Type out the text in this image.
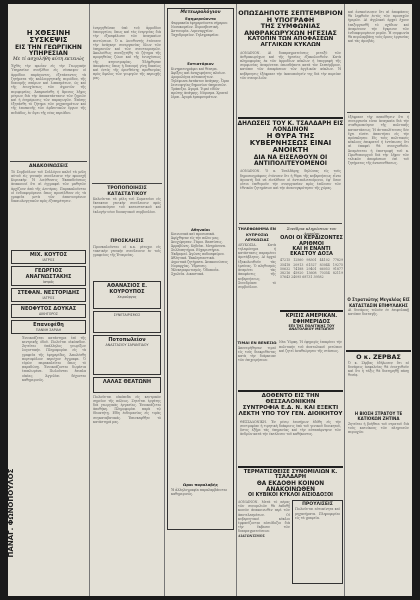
Η ΧΘΕΣΙΝΗ ΣΥΣΚΕΨΙΣ
ΕΙΣ ΤΗΝ ΓΕΩΡΓΙΚΗΝ ΥΠΗΡΕΣΙΑΝ
Με τί ασχολήθη αύτη εκτενώς
Ἐχθὲς τὴν πρωΐαν εἰς τὴν Γεωργικὴν Ὑπηρεσίαν συνῆλθον εἰς σύσκεψιν οἱ ἁρμόδιοι παράγοντες, ἐξετάσαντες τὰ ζητήματα τῆς καλλιεργητικῆς περιόδου, τῆς διανομῆς σπόρων καὶ λιπασμάτων, ὡς καὶ τῆς ἐνισχύσεως τῶν ἀγροτῶν τῆς περιφερείας. Ἀπεφασίσθη ἡ ἄμεσος λῆψις μέτρων διὰ τὴν ἀποκατάστασιν τῶν ζημιῶν καὶ ἡ ἐνημέρωσις τῶν παραγωγῶν. Ἐπίσης ἐξητάσθη τὸ ζήτημα τῶν μηχανημάτων καὶ τῆς ἐπισκευῆς τῶν ἀρδευτικῶν ἔργων τῆς πεδιάδος, ἐν ὄψει τῆς νέας περιόδου.
ΑΝΑΚΟΙΝΩΣΕΙΣ
Τὸ Συμβούλιον τοῦ Συλλόγου καλεῖ τὰ μέλη αὐτοῦ εἰς γενικὴν συνέλευσιν τὴν προσεχῆ Κυριακήν. Ἡ Διεύθυνσις Ἐκπαιδεύσεως ἀνακοινοῖ ὅτι αἱ ἐγγραφαὶ τῶν μαθητῶν ἀρχίζουν ἀπὸ τῆς Δευτέρας. Παρακαλοῦνται οἱ ἐνδιαφερόμενοι ὅπως προσέλθουν εἰς τὰ γραφεῖα μετὰ τῶν ἀπαιτουμένων δικαιολογητικῶν πρὸς ἐξυπηρέτησιν.
ΜΙΧ. ΚΟΥΤΟΣ
ΙΑΤΡΟΣ
ΓΕΩΡΓΙΟΣ ΑΝΑΓΝΩΣΤΑΚΗΣ
Ιατρός
ΣΤΕΦΑΝ. ΝΕΣΤΟΡΙΔΗΣ
ΙΑΤΡΟΣ
ΝΕΟΦΥΤΟΣ ΔΟΥΚΑΣ
ΔΙΚΗΓΟΡΟΣ
Επανεφέθη
ΓΙΑΝΝΗ ΣΑΡΙΔΗ
Ἐνοικιάζεται κατάστημα ἐπὶ τῆς κεντρικῆς ὁδοῦ. Πωλεῖται οἰκόπεδον. Ζητεῖται ὑπάλληλος γνωρίζων λογιστικήν. Πληροφορίαι εἰς τὰ γραφεῖα τῆς ἐφημερίδος. Ἀπωλέσθη πορτοφόλιον περιέχον ἔγγραφα. Ὁ εὑρὼν παρακαλεῖται ὅπως τὸ παραδώσῃ. Ἐνοικιάζονται δωμάτια ἐπιπλωμένα. Πωλοῦνται ἔπιπλα οἰκίας. Ἀγγελίαι δέχονται καθημερινῶς.
ΠΑΝΑΓ. ΦΩΝΟΠΟΥΛΟΣ
ἐνεργηθεῖσαν ὑπὸ τοῦ ἁρμοδίου ὑπουργείου, ὅπως καὶ τὰς ἐνεργείας διὰ τὴν ἐξασφάλισιν τῶν ἀναγκαίων πιστώσεων. Ὁ κ. Διευθυντὴς ἐτόνισεν τὴν ἀνάγκην συνεργασίας ὅλων τῶν ὑπηρεσιῶν καὶ τῶν συνεταιρισμῶν. Ἀκολούθως συνεζητήθη τὸ ζήτημα τῆς προμηθείας ζώων καὶ τῆς ἐνισχύσεως τῆς κτηνοτροφίας. Ἐλήφθησαν ἀποφάσεις ὅπως ἡ διανομὴ γίνῃ δικαίως καὶ ἐντὸς τῆς ὁρισθείσης προθεσμίας πρὸς ὄφελος τῶν γεωργῶν τῆς περιοχῆς μας.
ΤΡΟΠΟΠΟΙΗΣΙΣ ΚΑΤΑΣΤΑΤΙΚΟΥ
Καλοῦνται τὰ μέλη τοῦ Σωματείου εἰς ἔκτακτον γενικὴν συνέλευσιν πρὸς τροποποίησιν τοῦ καταστατικοῦ καὶ ἐκλογὴν νέου διοικητικοῦ συμβουλίου.
ΠΡΟΣΚΛΗΣΙΣ
Προσκαλοῦνται οἱ κ.κ. μέτοχοι εἰς τακτικὴν γενικὴν συνέλευσιν ἐν τοῖς γραφείοις τῆς Ἑταιρείας.
ΑΘΑΝΑΣΙΟΣ Ε. ΚΟΥΡΟΥΠΟΣ
Χειρούργος
ΣΥΝΕΤΑΙΡΙΣΜΟΣ
Ποτοπωλείον
ΑΝΑΣΤΑΣΙΟΥ ΣΑΡΑΝΤΙΔΟΥ
ΛΑΛΑΣ ΘΕΑΤΩΝΗ
Πωλοῦνται οἰκόπεδα εἰς κεντρικὸν σημεῖον τῆς πόλεως. Ζητεῖται ἐργάτης διὰ γεωργικὰς ἐργασίας. Ἐνοικιάζεται ἀποθήκη. Πληροφορίαι παρὰ τῷ ἰδιοκτήτῃ. Εἴδη ἐνδυμασίας εἰς τιμὰς συγκαταβατικάς. Ἐπισκεφθῆτε τὸ κατάστημά μας.
Μετεωρολόγιον
Εφημερεύοντα
Φαρμακεῖα ἐφημερεύοντα σήμερον. Νοσοκομεῖον. Πυροσβεστική. Ἀστυνομία. Λιμεναρχεῖον. Ταχυδρομεῖον. Τηλεγραφεῖον.
Εστιατόριον
Κινηματογράφοι καὶ θέατρα. Ἀφίξεις καὶ ἀναχωρήσεις πλοίων. Δρομολόγια αὐτοκινήτων. Τηλέφωνα ἐκτάκτου ἀνάγκης. Ὧραι λειτουργίας δημοσίων ὑπηρεσιῶν. Τράπεζαι. Ἀγορά. Τιμαὶ εἰδῶν πρώτης ἀνάγκης. Νόμισμα. Χρυσαῖ λίραι. Ἀγορὰ ἐμπορευμάτων.
Αθηναίοι
Κοινωνικὰ καὶ προσωπικά. Ἀφίχθησαν εἰς τὴν πόλιν μας. Ἀνεχώρησαν. Γάμοι. Βαπτίσεις. Ἀρραβῶνες. Κηδεῖαι. Μνημόσυνα. Συλλυπητήρια. Εὐχαριστήρια. Ἐκδρομαί. Ἀγῶνες ποδοσφαίρου. Ἀθλητικά. Ἐκκλησιαστικά. Δημοτικὰ ζητήματα. Ἀνακοινώσεις Νομαρχίας. Ὑδρευσις. Ἠλεκτροφωτισμός. Ὁδοποιΐα. Σχολεῖα. Δικαστικά.
Ωραι παραλαβής
Ἡ ἀλληλογραφία παραλαμβάνεται καθημερινῶς.
ΟΠΩΣΔΗΠΟΤΕ ΣΕΠΤΕΜΒΡΙΟΝ Η ΥΠΟΓΡΑΦΗ
ΤΗΣ ΣΥΜΦΩΝΙΑΣ ΑΝΘΡΑΚΩΡΥΧΩΝ ΗΓΕΣΙΑΣ
ΚΑΤΟΠΙΝ ΤΩΝ ΑΠΟΦΑΣΕΩΝ ΑΓΓΛΙΚΩΝ ΚΥΚΛΩΝ
ΛΟΝΔΙΝΟΝ. Αἱ διαπραγματεύσεις μεταξὺ τῶν ἀνθρακωρύχων καὶ τῆς ἡγεσίας ἐξακολουθοῦν. Κατὰ πληροφορίας ἐκ τῶν ἁρμοδίων κύκλων ἡ ὑπογραφὴ τῆς συμφωνίας ἀναμένεται ὁπωσδήποτε κατὰ τὸν Σεπτέμβριον, κατόπιν τῶν ἀποφάσεων τῶν ἀγγλικῶν κύκλων. Ἡ κυβέρνησις ἐξέφρασε τὴν ἱκανοποίησίν της διὰ τὴν πορείαν τῶν συνομιλιῶν.
ΔΗΛΩΣΕΙΣ ΤΟΥ Κ. ΤΣΑΛΔΑΡΗ ΕΙΣ ΛΟΝΔΙΝΟΝ
Η ΘΥΡΑ ΤΗΣ ΚΥΒΕΡΝΗΣΕΩΣ ΕΙΝΑΙ ΑΝΟΙΚΤΗ
ΔΙΑ ΝΑ ΕΙΣΕΛΘΟΥΝ ΟΙ ΑΝΤΙΠΟΛΙΤΕΥΟΜΕΝΟΙ
ΛΟΝΔΙΝΟΝ. Ὁ κ. Τσαλδάρης δηλώσας εἰς τοὺς δημοσιογράφους ἐτόνισεν ὅτι ἡ θύρα τῆς κυβερνήσεως εἶναι ἀνοικτὴ διὰ νὰ εἰσέλθουν οἱ ἀντιπολιτευόμενοι, ἐφ' ὅσον οὗτοι ἐπιθυμοῦν τὴν συνεργασίαν πρὸς ἐπίλυσιν τῶν ἐθνικῶν ζητημάτων καὶ τὴν ἀνασυγκρότησιν τῆς χώρας.
ΤΗΛΕΦΩΝΗΜΑ ΕΝ ΚΥΠΡΟΣΙΩ ΛΕΥΚΩΣΙΑΣ
ΛΕΥΚΩΣΙΑ. Κατὰ τηλεφώνημα ἡ κατάστασις παραμένει ἀμετάβλητος. Αἱ ἀρχαὶ ἐξακολουθοῦν τὰς ἐρεύνας. Ὁ πληθυσμὸς ἀναμένει τὰς ἀποφάσεις τῆς κυβερνήσεως. Συνεδρίασε τὸ συμβούλιον.
Συνέδρια κληρώσεων του Λαχείου
ΟΛΟΙ ΟΙ ΚΕΡΔΙΖΟΝΤΕΣ ΑΡΙΘΜΟΙ
ΚΑΙ Η ΕΝΑΝΤΙ ΕΚΑΣΤΟΥ ΔΟΞΑ
47215 12560 98301 44102 77829 35418 20913 61527 83044 19275 50632 74188 29401 66053 91877 38216 45920 13608 70354 82119 57643 24095 68731 39582
ΚΡΙΣΙΣ ΑΜΕΡΙΚΑΝ. ΕΦΗΜΕΡΙΔΟΣ
ΕΠΙ ΤΗΣ ΠΟΛΙΤΙΚΗΣ ΤΟΥ ΑΝΑΤΟΛΙΚΟΥ ΜΕΤΩΠΟΥ
ΤΙΜΑΙ ΕΝ ΒΕΝΕΣΙΩ
Ἀπενεμήθησαν τιμαὶ εἰς τοὺς διακριθέντας κατὰ τὴν διάρκειαν τῶν ἐπιχειρήσεων.
Νέα Ὑόρκη. Ἡ ἐφημερὶς ἐπικρίνει τὴν πολιτικὴν τοῦ ἀνατολικοῦ μετώπου καὶ ζητεῖ ἀναθεώρησιν τῆς στάσεως.
ΔΟΘΕΝΤΟ ΕΙΣ ΤΗΝ ΘΕΣΣΑΛΟΝΙΚΗΝ
ΣΥΝΤΡΟΦΙΑ Ε.Δ. Ν. ΚΑΙ ΕΞΕΚΤΙ
ΛΕΚΤΗ ΥΠΟ ΤΟΥ ΓΕΝ. ΔΙΟΙΚΗΤΟΥ
ΘΕΣΣΑΛΟΝΙΚΗ. Ἐν μέσῳ ἐπισήμων ἐδόθη εἰς τὴν συντροφίαν ἡ τιμητικὴ διάκρισις ὑπὸ τοῦ γενικοῦ διοικητοῦ, ὅστις ἐξῆρε τὰς ὑπηρεσίας καὶ τὴν αὐταπάρνησιν τῶν ἀνδρῶν κατὰ τὴν ἐκτέλεσιν τοῦ καθήκοντος.
ΤΕΡΜΑΤΙΣΘΕΙΣΕ ΣΥΝΟΜΙΛΙΩΝ Κ. ΤΣΑΛΔΑΡΗ
ΘΑ ΕΚΔΟΘΗ ΚΟΙΝΟΝ ΑΝΑΚΟΙΝΩΘΕΝ
ΟΙ ΚΥΒΙΚΟΙ ΚΥΚΛΟΙ ΑΙΣΙΟΔΟΞΟΙ
ΛΟΝΔΙΝΟΝ. Μετὰ τὸ πέρας τῶν συνομιλιῶν θὰ ἐκδοθῇ κοινὸν ἀνακοινωθὲν περὶ τῶν ἀποτελεσμάτων. Οἱ κυβερνητικοὶ κύκλοι ἐμφανίζονται αἰσιόδοξοι διὰ τὴν ἔκβασιν τῶν διαπραγματεύσεων. ΔΙΑΓΩΝΙΣΜΟΣ
ΠΡΟΥΛΙΣΕΙΣ
Πωλοῦνται αὐτοκίνητα καὶ μηχανήματα. Πληροφορίαι εἰς τὰ γραφεῖα.
καὶ ἀνεκοίνωσεν ὅτι αἱ ἀποφάσεις θὰ ληφθοῦν ἐντὸς τῶν προσεχῶν ἡμερῶν. Αἱ ἀγγλικαὶ ἀρχαὶ ἔχουν ἐπεξεργασθῆ τὸ σχέδιον καὶ ἀναμένουν τὴν ἔγκρισιν τῶν ἐνδιαφερομένων μερῶν. Ἡ συμφωνία θὰ περιλαμβάνῃ τοὺς ὅρους ἐργασίας καὶ τὰς ἀμοιβάς.
ἐξέφρασε τὴν πεποίθησιν ὅτι ἡ συνεργασία εἶναι ἀναγκαία διὰ τὴν σταθεροποίησιν τῆς πολιτικῆς καταστάσεως. Ἡ ἀντιπολίτευσις δὲν ἔχει εἰσέτι ἀπαντήσει εἰς τὴν πρόσκλησιν. Εἰς τοὺς πολιτικοὺς κύκλους ἐπικρατεῖ ἡ ἐντύπωσις ὅτι αἱ ἐπαφαὶ θὰ συνεχισθοῦν. Ἀναμένεται ἡ ἐπιστροφὴ τοῦ κ. Πρωθυπουργοῦ διὰ τὴν λῆψιν τῶν τελικῶν ἀποφάσεων ἐπὶ τοῦ ζητήματος τῆς ἀνασυνθέσεως.
Ο Στρατιώτης Μεγαλέας ΕΙΣ ΚΑΤΑΣΤΑΣΙΝ ΕΠΙΦΥΛΑΚΗΣ
Αἱ δυνάμεις τελοῦν ἐν ἐπιφυλακῇ κατόπιν διαταγῆς.
Ο κ. ΖΕΡΒΑΣ
Ὁ κ. Ζέρβας ἐδήλωσεν ὅτι αἱ δυνάμεις ἀσφαλείας θὰ ἐνισχυθοῦν καὶ ὅτι ἡ τάξις θὰ διατηρηθῇ πάσῃ θυσίᾳ.
Η ΒΙΟΣΗ ΣΤΡΑΤΟΥ ΤΕ ΚΑΤΙΟΚΩΝ ΖΗΤΙΝΑ
Ζητεῖται ἡ βοήθεια τοῦ στρατοῦ διὰ τοὺς κατοίκους τῶν πληγεισῶν περιοχῶν.
